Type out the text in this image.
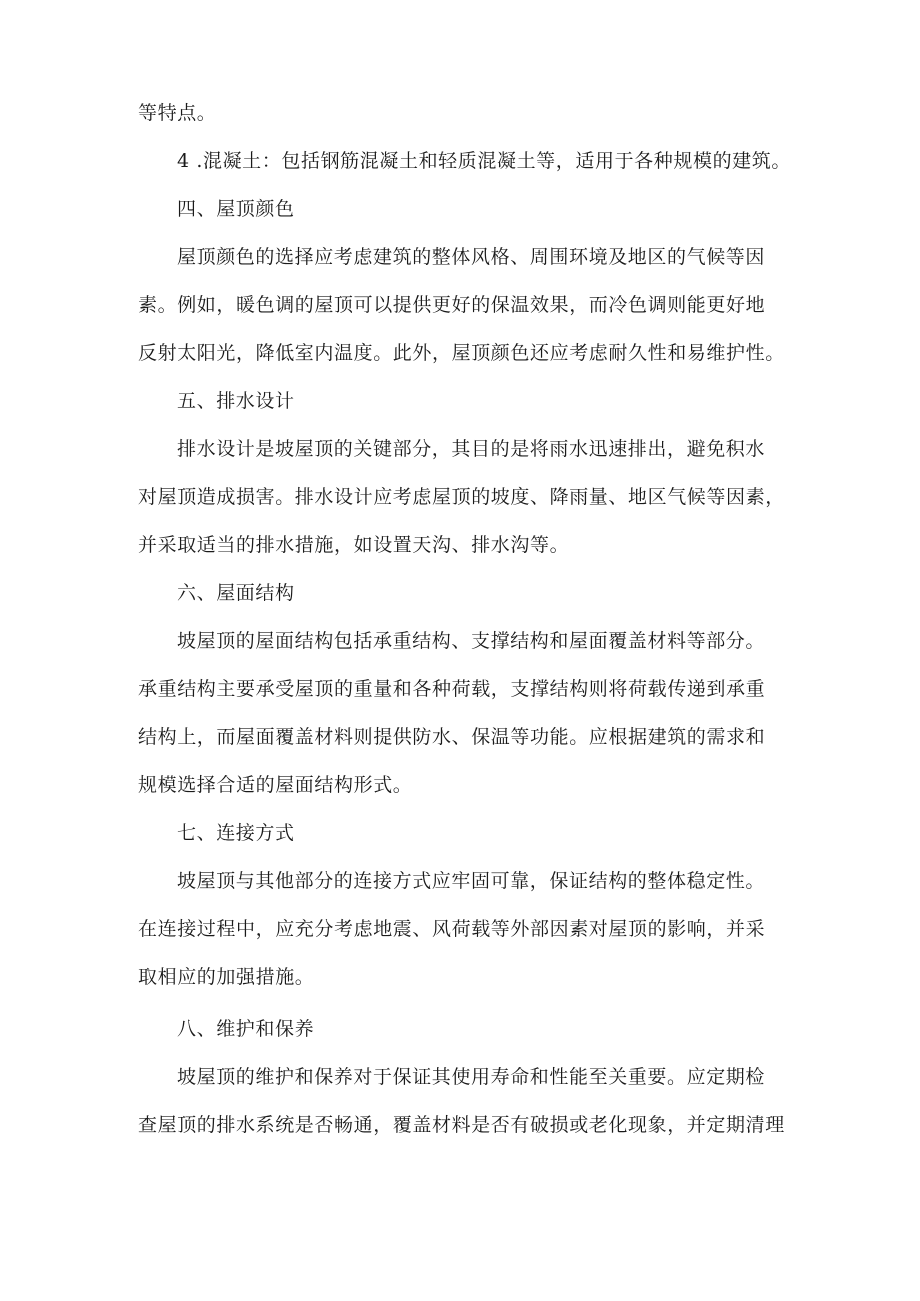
等特点。
4 .混凝土：包括钢筋混凝土和轻质混凝土等，适用于各种规模的建筑。
四、屋顶颜色
屋顶颜色的选择应考虑建筑的整体风格、周围环境及地区的气候等因
素。例如，暖色调的屋顶可以提供更好的保温效果，而冷色调则能更好地
反射太阳光，降低室内温度。此外，屋顶颜色还应考虑耐久性和易维护性。
五、排水设计
排水设计是坡屋顶的关键部分，其目的是将雨水迅速排出，避免积水
对屋顶造成损害。排水设计应考虑屋顶的坡度、降雨量、地区气候等因素，
并采取适当的排水措施，如设置天沟、排水沟等。
六、屋面结构
坡屋顶的屋面结构包括承重结构、支撑结构和屋面覆盖材料等部分。
承重结构主要承受屋顶的重量和各种荷载，支撑结构则将荷载传递到承重
结构上，而屋面覆盖材料则提供防水、保温等功能。应根据建筑的需求和
规模选择合适的屋面结构形式。
七、连接方式
坡屋顶与其他部分的连接方式应牢固可靠，保证结构的整体稳定性。
在连接过程中，应充分考虑地震、风荷载等外部因素对屋顶的影响，并采
取相应的加强措施。
八、维护和保养
坡屋顶的维护和保养对于保证其使用寿命和性能至关重要。应定期检
查屋顶的排水系统是否畅通，覆盖材料是否有破损或老化现象，并定期清理
